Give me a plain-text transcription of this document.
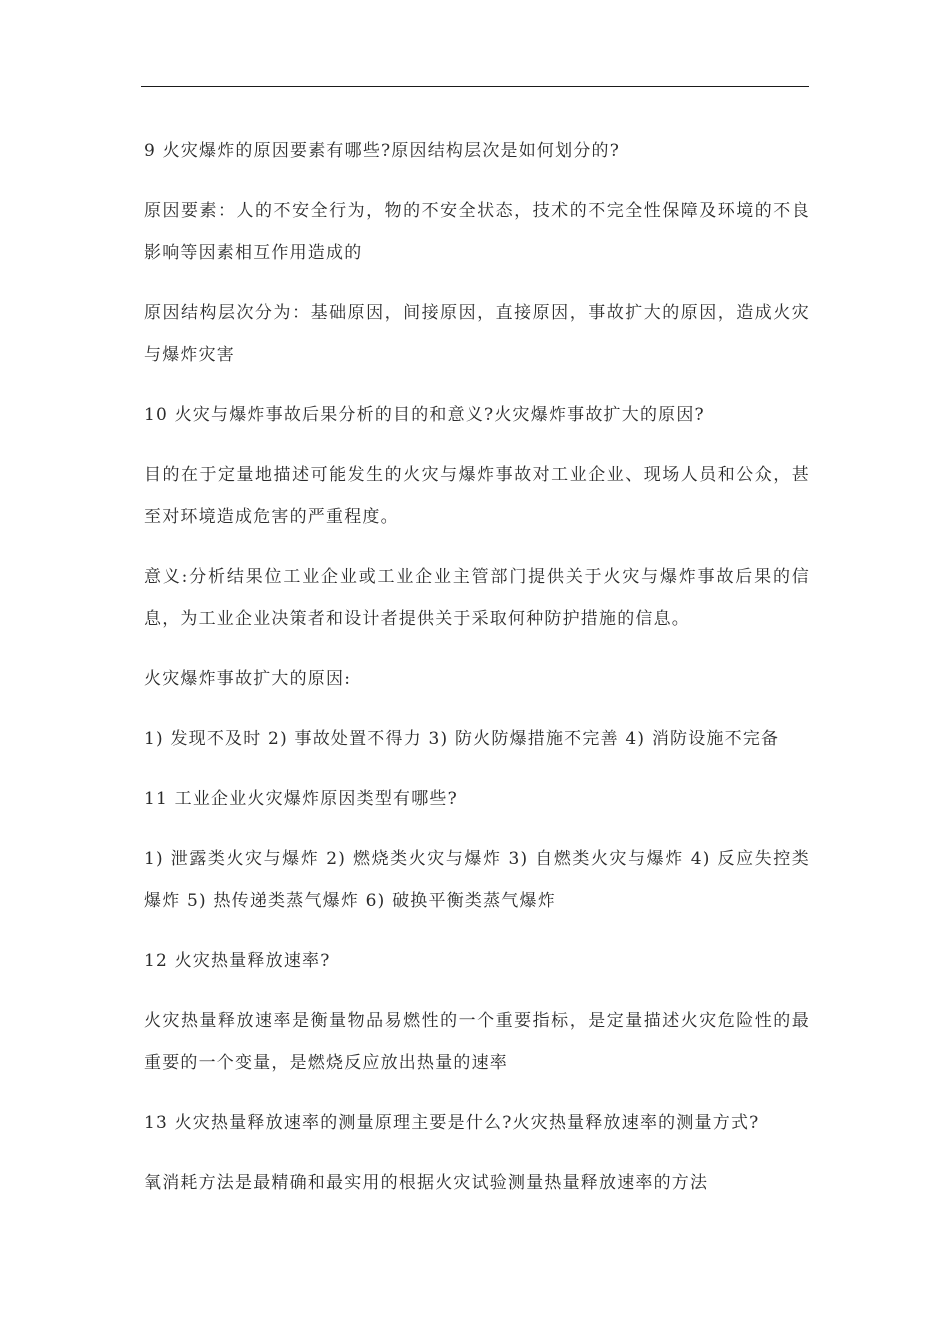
9 火灾爆炸的原因要素有哪些?原因结构层次是如何划分的?

原因要素：人的不安全行为，物的不安全状态，技术的不完全性保障及环境的不良影响等因素相互作用造成的

原因结构层次分为：基础原因，间接原因，直接原因，事故扩大的原因，造成火灾与爆炸灾害

10 火灾与爆炸事故后果分析的目的和意义?火灾爆炸事故扩大的原因?

目的在于定量地描述可能发生的火灾与爆炸事故对工业企业、现场人员和公众，甚至对环境造成危害的严重程度。

意义:分析结果位工业企业或工业企业主管部门提供关于火灾与爆炸事故后果的信息，为工业企业决策者和设计者提供关于采取何种防护措施的信息。

火灾爆炸事故扩大的原因:

1) 发现不及时 2) 事故处置不得力 3) 防火防爆措施不完善 4) 消防设施不完备

11 工业企业火灾爆炸原因类型有哪些?

1) 泄露类火灾与爆炸 2) 燃烧类火灾与爆炸 3) 自燃类火灾与爆炸 4) 反应失控类爆炸 5) 热传递类蒸气爆炸 6) 破换平衡类蒸气爆炸

12 火灾热量释放速率?

火灾热量释放速率是衡量物品易燃性的一个重要指标，是定量描述火灾危险性的最重要的一个变量，是燃烧反应放出热量的速率

13 火灾热量释放速率的测量原理主要是什么?火灾热量释放速率的测量方式?

氧消耗方法是最精确和最实用的根据火灾试验测量热量释放速率的方法
